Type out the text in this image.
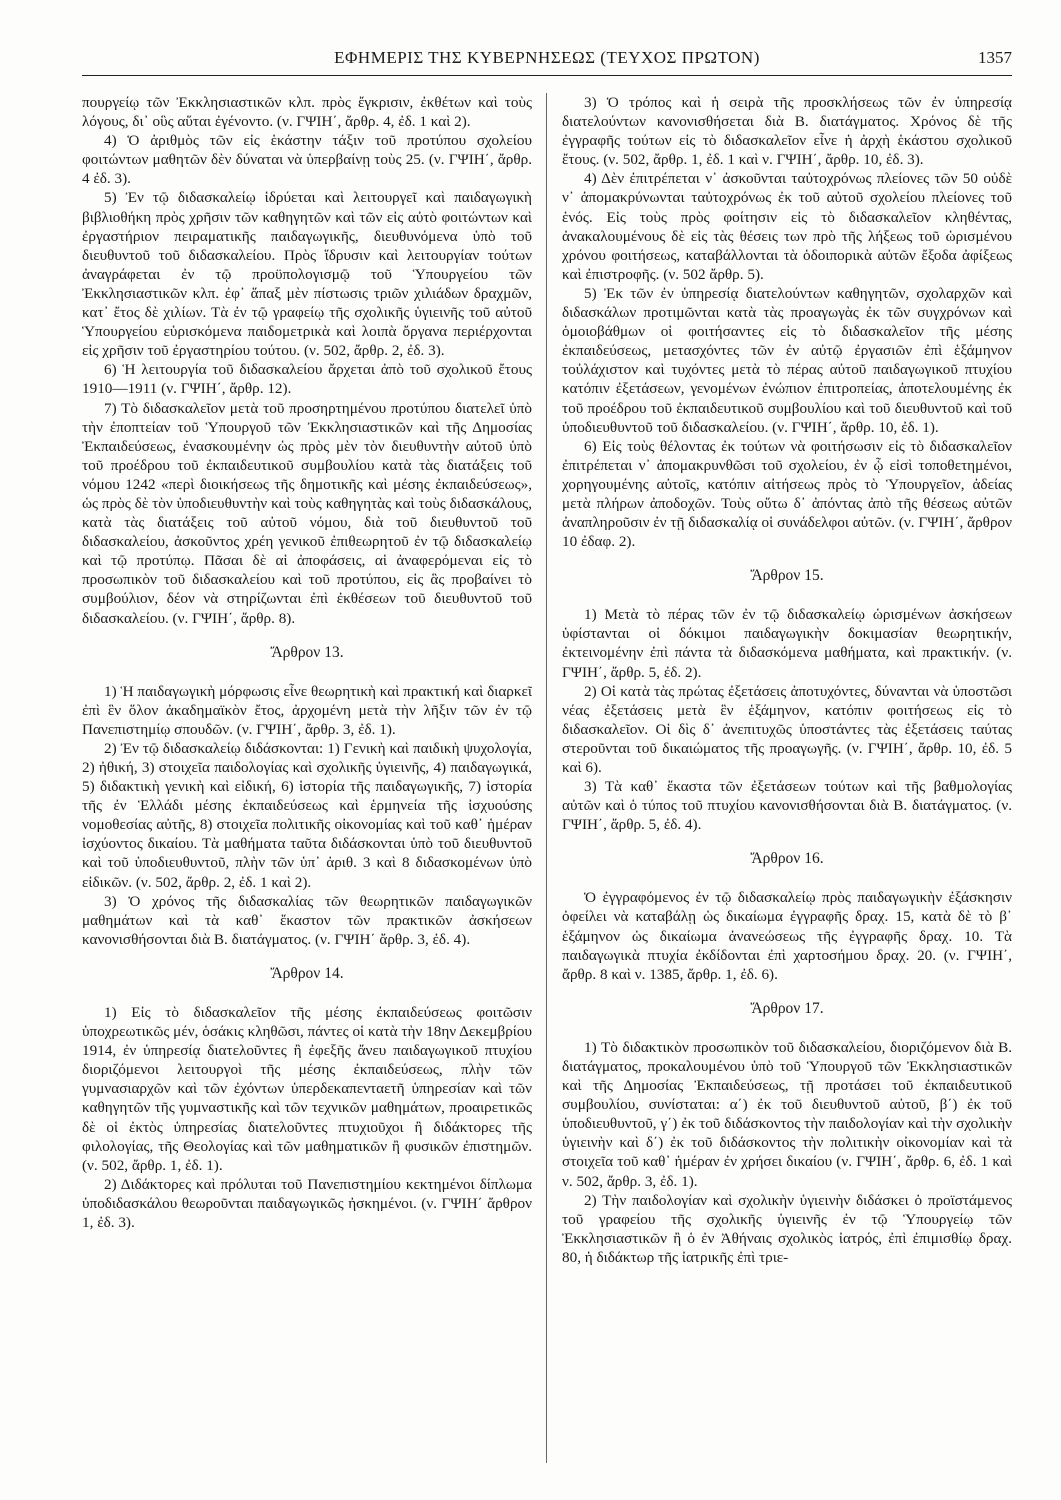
ΕΦΗΜΕΡΙΣ ΤΗΣ ΚΥΒΕΡΝΗΣΕΩΣ (ΤΕΥΧΟΣ ΠΡΩΤΟΝ)	1357

πουργείῳ τῶν Ἐκκλησιαστικῶν κλπ. πρὸς ἔγκρισιν, ἐκθέτων καὶ τοὺς λόγους, δι᾿ οὓς αὕται ἐγένοντο. (ν. ΓΨΙΗ΄, ἄρθρ. 4, ἐδ. 1 καὶ 2).

4) Ὁ ἀριθμὸς τῶν εἰς ἑκάστην τάξιν τοῦ προτύπου σχολείου φοιτώντων μαθητῶν δὲν δύναται νὰ ὑπερβαίνῃ τοὺς 25. (ν. ΓΨΙΗ΄, ἄρθρ. 4 ἐδ. 3).

5) Ἐν τῷ διδασκαλείῳ ἱδρύεται καὶ λειτουργεῖ καὶ παιδαγωγικὴ βιβλιοθήκη πρὸς χρῆσιν τῶν καθηγητῶν καὶ τῶν εἰς αὐτὸ φοιτώντων καὶ ἐργαστήριον πειραματικῆς παιδαγωγικῆς, διευθυνόμενα ὑπὸ τοῦ διευθυντοῦ τοῦ διδασκαλείου. Πρὸς ἵδρυσιν καὶ λειτουργίαν τούτων ἀναγράφεται ἐν τῷ προϋπολογισμῷ τοῦ Ὑπουργείου τῶν Ἐκκλησιαστικῶν κλπ. ἐφ᾿ ἅπαξ μὲν πίστωσις τριῶν χιλιάδων δραχμῶν, κατ᾿ ἔτος δὲ χιλίων. Τὰ ἐν τῷ γραφείῳ τῆς σχολικῆς ὑγιεινῆς τοῦ αὐτοῦ Ὑπουργείου εὑρισκόμενα παιδομετρικὰ καὶ λοιπὰ ὄργανα περιέρχονται εἰς χρῆσιν τοῦ ἐργαστηρίου τούτου. (ν. 502, ἄρθρ. 2, ἐδ. 3).

6) Ἡ λειτουργία τοῦ διδασκαλείου ἄρχεται ἀπὸ τοῦ σχολικοῦ ἔτους 1910—1911 (ν. ΓΨΙΗ΄, ἄρθρ. 12).

7) Τὸ διδασκαλεῖον μετὰ τοῦ προσηρτημένου προτύπου διατελεῖ ὑπὸ τὴν ἐποπτείαν τοῦ Ὑπουργοῦ τῶν Ἐκκλησιαστικῶν καὶ τῆς Δημοσίας Ἐκπαιδεύσεως, ἐνασκουμένην ὡς πρὸς μὲν τὸν διευθυντὴν αὐτοῦ ὑπὸ τοῦ προέδρου τοῦ ἐκπαιδευτικοῦ συμβουλίου κατὰ τὰς διατάξεις τοῦ νόμου 1242 «περὶ διοικήσεως τῆς δημοτικῆς καὶ μέσης ἐκπαιδεύσεως», ὡς πρὸς δὲ τὸν ὑποδιευθυντὴν καὶ τοὺς καθηγητὰς καὶ τοὺς διδασκάλους, κατὰ τὰς διατάξεις τοῦ αὐτοῦ νόμου, διὰ τοῦ διευθυντοῦ τοῦ διδασκαλείου, ἀσκοῦντος χρέη γενικοῦ ἐπιθεωρητοῦ ἐν τῷ διδασκαλείῳ καὶ τῷ προτύπῳ. Πᾶσαι δὲ αἱ ἀποφάσεις, αἱ ἀναφερόμεναι εἰς τὸ προσωπικὸν τοῦ διδασκαλείου καὶ τοῦ προτύπου, εἰς ἃς προβαίνει τὸ συμβούλιον, δέον νὰ στηρίζωνται ἐπὶ ἐκθέσεων τοῦ διευθυντοῦ τοῦ διδασκαλείου. (ν. ΓΨΙΗ΄, ἄρθρ. 8).

Ἄρθρον 13.

1) Ἡ παιδαγωγικὴ μόρφωσις εἶνε θεωρητικὴ καὶ πρακτική καὶ διαρκεῖ ἐπὶ ἓν ὅλον ἀκαδημαϊκὸν ἔτος, ἀρχομένη μετὰ τὴν λῆξιν τῶν ἐν τῷ Πανεπιστημίῳ σπουδῶν. (ν. ΓΨΙΗ΄, ἄρθρ. 3, ἐδ. 1).

2) Ἐν τῷ διδασκαλείῳ διδάσκονται: 1) Γενικὴ καὶ παιδικὴ ψυχολογία, 2) ἠθική, 3) στοιχεῖα παιδολογίας καὶ σχολικῆς ὑγιεινῆς, 4) παιδαγωγικά, 5) διδακτικὴ γενικὴ καὶ εἰδική, 6) ἱστορία τῆς παιδαγωγικῆς, 7) ἱστορία τῆς ἐν Ἑλλάδι μέσης ἐκπαιδεύσεως καὶ ἑρμηνεία τῆς ἰσχυούσης νομοθεσίας αὐτῆς, 8) στοιχεῖα πολιτικῆς οἰκονομίας καὶ τοῦ καθ᾿ ἡμέραν ἰσχύοντος δικαίου. Τὰ μαθήματα ταῦτα διδάσκονται ὑπὸ τοῦ διευθυντοῦ καὶ τοῦ ὑποδιευθυντοῦ, πλὴν τῶν ὑπ᾿ ἀριθ. 3 καὶ 8 διδασκομένων ὑπὸ εἰδικῶν. (ν. 502, ἄρθρ. 2, ἐδ. 1 καὶ 2).

3) Ὁ χρόνος τῆς διδασκαλίας τῶν θεωρητικῶν παιδαγωγικῶν μαθημάτων καὶ τὰ καθ᾿ ἕκαστον τῶν πρακτικῶν ἀσκήσεων κανονισθήσονται διὰ Β. διατάγματος. (ν. ΓΨΙΗ΄ ἄρθρ. 3, ἐδ. 4).

Ἄρθρον 14.

1) Εἰς τὸ διδασκαλεῖον τῆς μέσης ἐκπαιδεύσεως φοιτῶσιν ὑποχρεωτικῶς μέν, ὁσάκις κληθῶσι, πάντες οἱ κατὰ τὴν 18ην Δεκεμβρίου 1914, ἐν ὑπηρεσίᾳ διατελοῦντες ἢ ἐφεξῆς ἄνευ παιδαγωγικοῦ πτυχίου διοριζόμενοι λειτουργοὶ τῆς μέσης ἐκπαιδεύσεως, πλὴν τῶν γυμνασιαρχῶν καὶ τῶν ἐχόντων ὑπερδεκαπενταετῆ ὑπηρεσίαν καὶ τῶν καθηγητῶν τῆς γυμναστικῆς καὶ τῶν τεχνικῶν μαθημάτων, προαιρετικῶς δὲ οἱ ἐκτὸς ὑπηρεσίας διατελοῦντες πτυχιοῦχοι ἢ διδάκτορες τῆς φιλολογίας, τῆς Θεολογίας καὶ τῶν μαθηματικῶν ἢ φυσικῶν ἐπιστημῶν. (ν. 502, ἄρθρ. 1, ἐδ. 1).

2) Διδάκτορες καὶ πρόλυται τοῦ Πανεπιστημίου κεκτημένοι δίπλωμα ὑποδιδασκάλου θεωροῦνται παιδαγωγικῶς ἠσκημένοι. (ν. ΓΨΙΗ΄ ἄρθρον 1, ἐδ. 3).

3) Ὁ τρόπος καὶ ἡ σειρὰ τῆς προσκλήσεως τῶν ἐν ὑπηρεσίᾳ διατελούντων κανονισθήσεται διὰ Β. διατάγματος. Χρόνος δὲ τῆς ἐγγραφῆς τούτων εἰς τὸ διδασκαλεῖον εἶνε ἡ ἀρχὴ ἑκάστου σχολικοῦ ἔτους. (ν. 502, ἄρθρ. 1, ἐδ. 1 καὶ ν. ΓΨΙΗ΄, ἄρθρ. 10, ἐδ. 3).

4) Δὲν ἐπιτρέπεται ν᾿ ἀσκοῦνται ταὐτοχρόνως πλείονες τῶν 50 οὐδὲ ν᾿ ἀπομακρύνωνται ταὐτοχρόνως ἐκ τοῦ αὐτοῦ σχολείου πλείονες τοῦ ἑνός. Εἰς τοὺς πρὸς φοίτησιν εἰς τὸ διδασκαλεῖον κληθέντας, ἀνακαλουμένους δὲ εἰς τὰς θέσεις των πρὸ τῆς λήξεως τοῦ ὡρισμένου χρόνου φοιτήσεως, καταβάλλονται τὰ ὁδοιπορικὰ αὐτῶν ἔξοδα ἀφίξεως καὶ ἐπιστροφῆς. (ν. 502 ἄρθρ. 5).

5) Ἐκ τῶν ἐν ὑπηρεσίᾳ διατελούντων καθηγητῶν, σχολαρχῶν καὶ διδασκάλων προτιμῶνται κατὰ τὰς προαγωγὰς ἐκ τῶν συγχρόνων καὶ ὁμοιοβάθμων οἱ φοιτήσαντες εἰς τὸ διδασκαλεῖον τῆς μέσης ἐκπαιδεύσεως, μετασχόντες τῶν ἐν αὐτῷ ἐργασιῶν ἐπὶ ἑξάμηνον τοὐλάχιστον καὶ τυχόντες μετὰ τὸ πέρας αὐτοῦ παιδαγωγικοῦ πτυχίου κατόπιν ἐξετάσεων, γενομένων ἐνώπιον ἐπιτροπείας, ἀποτελουμένης ἐκ τοῦ προέδρου τοῦ ἐκπαιδευτικοῦ συμβουλίου καὶ τοῦ διευθυντοῦ καὶ τοῦ ὑποδιευθυντοῦ τοῦ διδασκαλείου. (ν. ΓΨΙΗ΄, ἄρθρ. 10, ἐδ. 1).

6) Εἰς τοὺς θέλοντας ἐκ τούτων νὰ φοιτήσωσιν εἰς τὸ διδασκαλεῖον ἐπιτρέπεται ν᾿ ἀπομακρυνθῶσι τοῦ σχολείου, ἐν ᾧ εἰσὶ τοποθετημένοι, χορηγουμένης αὐτοῖς, κατόπιν αἰτήσεως πρὸς τὸ Ὑπουργεῖον, ἀδείας μετὰ πλήρων ἀποδοχῶν. Τοὺς οὕτω δ᾿ ἀπόντας ἀπὸ τῆς θέσεως αὐτῶν ἀναπληροῦσιν ἐν τῇ διδασκαλίᾳ οἱ συνάδελφοι αὐτῶν. (ν. ΓΨΙΗ΄, ἄρθρον 10 ἐδαφ. 2).

Ἄρθρον 15.

1) Μετὰ τὸ πέρας τῶν ἐν τῷ διδασκαλείῳ ὡρισμένων ἀσκήσεων ὑφίστανται οἱ δόκιμοι παιδαγωγικὴν δοκιμασίαν θεωρητικήν, ἐκτεινομένην ἐπὶ πάντα τὰ διδασκόμενα μαθήματα, καὶ πρακτικήν. (ν. ΓΨΙΗ΄, ἄρθρ. 5, ἐδ. 2).

2) Οἱ κατὰ τὰς πρώτας ἐξετάσεις ἀποτυχόντες, δύνανται νὰ ὑποστῶσι νέας ἐξετάσεις μετὰ ἓν ἑξάμηνον, κατόπιν φοιτήσεως εἰς τὸ διδασκαλεῖον. Οἱ δὶς δ᾿ ἀνεπιτυχῶς ὑποστάντες τὰς ἐξετάσεις ταύτας στεροῦνται τοῦ δικαιώματος τῆς προαγωγῆς. (ν. ΓΨΙΗ΄, ἄρθρ. 10, ἐδ. 5 καὶ 6).

3) Τὰ καθ᾿ ἕκαστα τῶν ἐξετάσεων τούτων καὶ τῆς βαθμολογίας αὐτῶν καὶ ὁ τύπος τοῦ πτυχίου κανονισθήσονται διὰ Β. διατάγματος. (ν. ΓΨΙΗ΄, ἄρθρ. 5, ἐδ. 4).

Ἄρθρον 16.

Ὁ ἐγγραφόμενος ἐν τῷ διδασκαλείῳ πρὸς παιδαγωγικὴν ἐξάσκησιν ὀφείλει νὰ καταβάλῃ ὡς δικαίωμα ἐγγραφῆς δραχ. 15, κατὰ δὲ τὸ β᾿ ἑξάμηνον ὡς δικαίωμα ἀνανεώσεως τῆς ἐγγραφῆς δραχ. 10. Τὰ παιδαγωγικὰ πτυχία ἐκδίδονται ἐπὶ χαρτοσήμου δραχ. 20. (ν. ΓΨΙΗ΄, ἄρθρ. 8 καὶ ν. 1385, ἄρθρ. 1, ἐδ. 6).

Ἄρθρον 17.

1) Τὸ διδακτικὸν προσωπικὸν τοῦ διδασκαλείου, διοριζόμενον διὰ Β. διατάγματος, προκαλουμένου ὑπὸ τοῦ Ὑπουργοῦ τῶν Ἐκκλησιαστικῶν καὶ τῆς Δημοσίας Ἐκπαιδεύσεως, τῇ προτάσει τοῦ ἐκπαιδευτικοῦ συμβουλίου, συνίσταται: α΄) ἐκ τοῦ διευθυντοῦ αὐτοῦ, β΄) ἐκ τοῦ ὑποδιευθυντοῦ, γ΄) ἐκ τοῦ διδάσκοντος τὴν παιδολογίαν καὶ τὴν σχολικὴν ὑγιεινὴν καὶ δ΄) ἐκ τοῦ διδάσκοντος τὴν πολιτικὴν οἰκονομίαν καὶ τὰ στοιχεῖα τοῦ καθ᾿ ἡμέραν ἐν χρήσει δικαίου (ν. ΓΨΙΗ΄, ἄρθρ. 6, ἐδ. 1 καὶ ν. 502, ἄρθρ. 3, ἐδ. 1).

2) Τὴν παιδολογίαν καὶ σχολικὴν ὑγιεινὴν διδάσκει ὁ προϊστάμενος τοῦ γραφείου τῆς σχολικῆς ὑγιεινῆς ἐν τῷ Ὑπουργείῳ τῶν Ἐκκλησιαστικῶν ἢ ὁ ἐν Ἀθήναις σχολικὸς ἰατρός, ἐπὶ ἐπιμισθίῳ δραχ. 80, ἡ διδάκτωρ τῆς ἰατρικῆς ἐπὶ τριε-
